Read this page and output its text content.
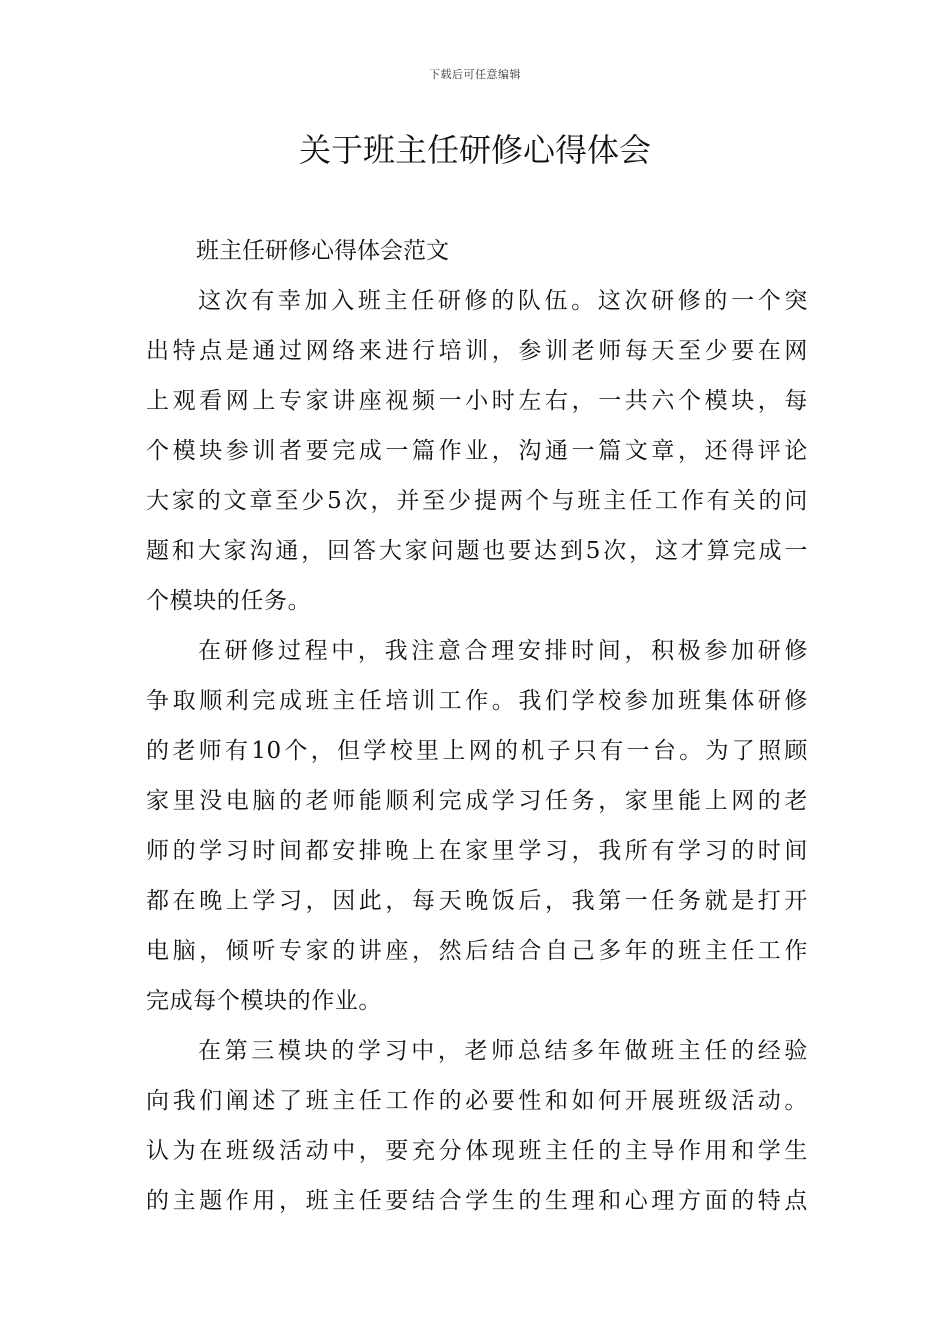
下载后可任意编辑
关于班主任研修心得体会

班主任研修心得体会范文

这次有幸加入班主任研修的队伍。这次研修的一个突
出特点是通过网络来进行培训，参训老师每天至少要在网
上观看网上专家讲座视频一小时左右，一共六个模块，每
个模块参训者要完成一篇作业，沟通一篇文章，还得评论
大家的文章至少5次，并至少提两个与班主任工作有关的问
题和大家沟通，回答大家问题也要达到5次，这才算完成一
个模块的任务。
在研修过程中，我注意合理安排时间，积极参加研修
争取顺利完成班主任培训工作。我们学校参加班集体研修
的老师有10个，但学校里上网的机子只有一台。为了照顾
家里没电脑的老师能顺利完成学习任务，家里能上网的老
师的学习时间都安排晚上在家里学习，我所有学习的时间
都在晚上学习，因此，每天晚饭后，我第一任务就是打开
电脑，倾听专家的讲座，然后结合自己多年的班主任工作
完成每个模块的作业。
在第三模块的学习中，老师总结多年做班主任的经验
向我们阐述了班主任工作的必要性和如何开展班级活动。
认为在班级活动中，要充分体现班主任的主导作用和学生
的主题作用，班主任要结合学生的生理和心理方面的特点
